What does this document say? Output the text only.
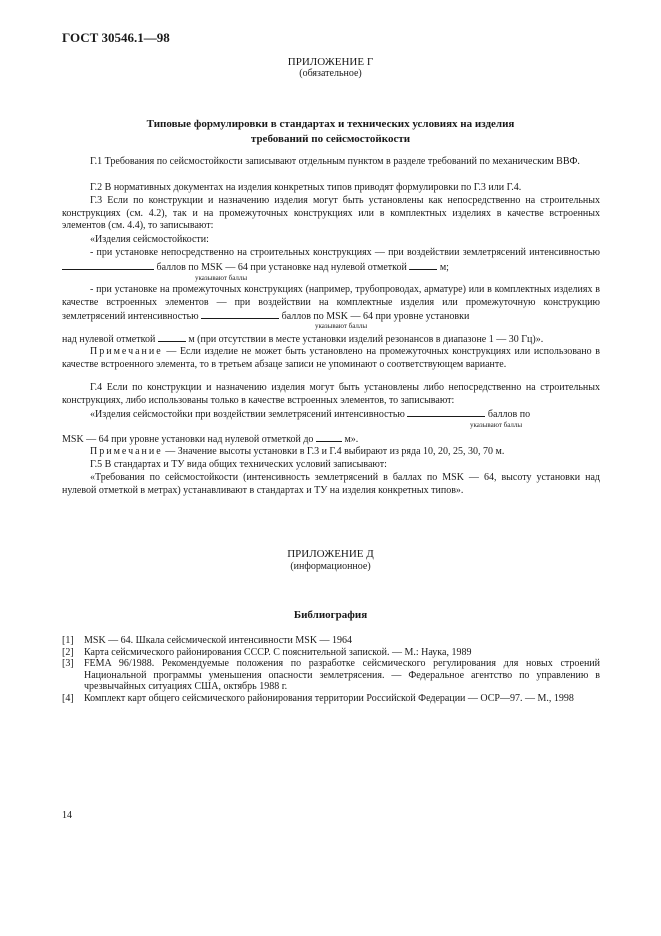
ГОСТ 30546.1—98
ПРИЛОЖЕНИЕ Г
(обязательное)
Типовые формулировки в стандартах и технических условиях на изделия
требований по сейсмостойкости
Г.1 Требования по сейсмостойкости записывают отдельным пунктом в разделе требований по механическим ВВФ.
Г.2 В нормативных документах на изделия конкретных типов приводят формулировки по Г.3 или Г.4.
Г.3 Если по конструкции и назначению изделия могут быть установлены как непосредственно на строительных конструкциях (см. 4.2), так и на промежуточных конструкциях или в комплектных изделиях в качестве встроенных элементов (см. 4.4), то записывают:
«Изделия сейсмостойкости:
- при установке непосредственно на строительных конструкциях — при воздействии землетрясений интенсивностью  баллов по MSK — 64 при установке над нулевой отметкой	м;
указывают баллы
- при установке на промежуточных конструкциях (например, трубопроводах, арматуре) или в комплектных изделиях в качестве встроенных элементов — при воздействии на комплектные изделия или промежуточную конструкцию землетрясений интенсивностью	баллов по MSK — 64 при уровне установки
указывают баллы
над нулевой отметкой	м (при отсутствии в месте установки изделий резонансов в диапазоне 1 — 30 Гц)».
Примечание — Если изделие не может быть установлено на промежуточных конструкциях или использовано в качестве встроенного элемента, то в третьем абзаце записи не упоминают о соответствующем варианте.
Г.4 Если по конструкции и назначению изделия могут быть установлены либо непосредственно на строительных конструкциях, либо использованы только в качестве встроенных элементов, то записывают:
«Изделия сейсмостойки при воздействии землетрясений интенсивностью	баллов по
указывают баллы
MSK — 64 при уровне установки над нулевой отметкой до	м».
Примечание — Значение высоты установки в Г.3 и Г.4 выбирают из ряда 10, 20, 25, 30, 70 м.
Г.5 В стандартах и ТУ вида общих технических условий записывают:
«Требования по сейсмостойкости (интенсивность землетрясений в баллах по MSK — 64, высоту установки над нулевой отметкой в метрах) устанавливают в стандартах и ТУ на изделия конкретных типов».
ПРИЛОЖЕНИЕ Д
(информационное)
Библиография
[1]	MSK — 64. Шкала сейсмической интенсивности MSK — 1964
[2]	Карта сейсмического районирования СССР. С пояснительной запиской. — М.: Наука, 1989
[3]	FEMA 96/1988. Рекомендуемые положения по разработке сейсмического регулирования для новых строений Национальной программы уменьшения опасности землетрясения. — Федеральное агентство по управлению в чрезвычайных ситуациях США, октябрь 1988 г.
[4]	Комплект карт общего сейсмического районирования территории Российской Федерации — ОСР—97. — М., 1998
14
